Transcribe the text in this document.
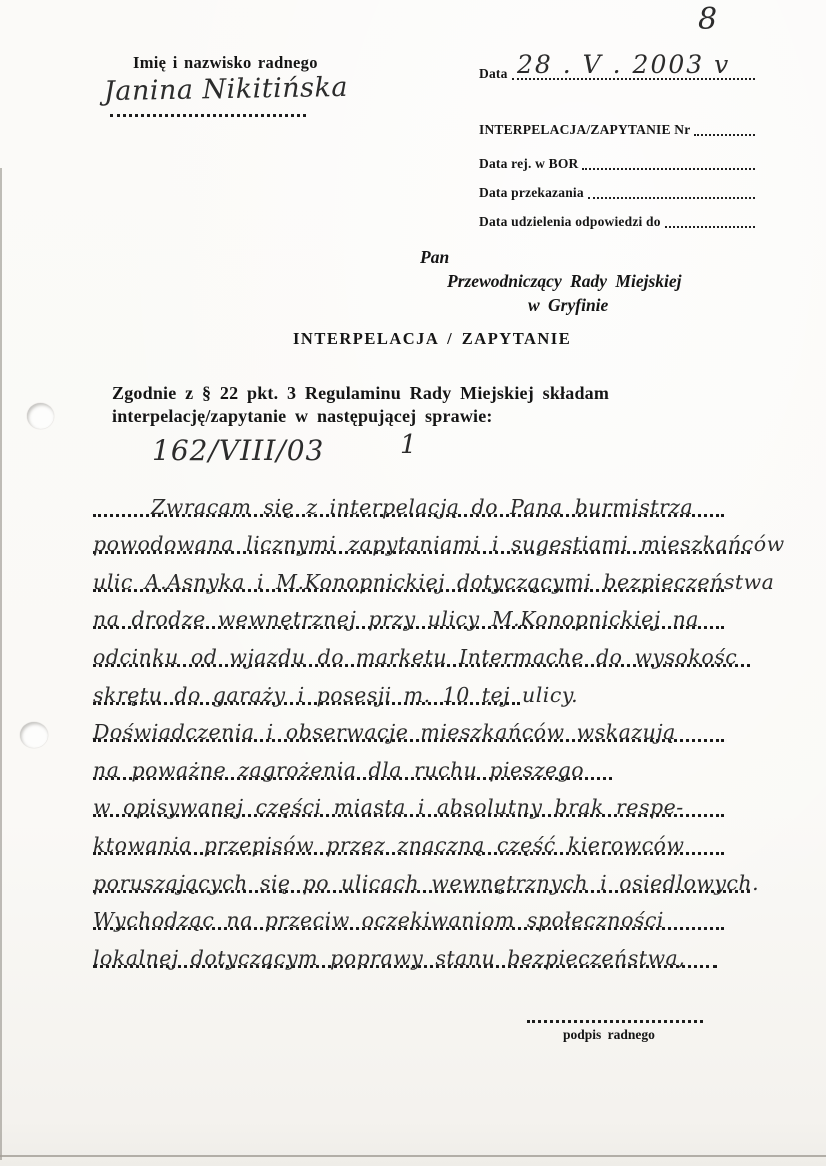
8
Imię i nazwisko radnego
Janina Nikitińska	Data 28 . V . 2003 v
INTERPELACJA/ZAPYTANIE Nr
Data rej. w BOR
Data przekazania
Data udzielenia odpowiedzi do
Pan
Przewodniczący Rady Miejskiej
w Gryfinie
INTERPELACJA / ZAPYTANIE
Zgodnie z § 22 pkt. 3 Regulaminu Rady Miejskiej składam
interpelację/zapytanie w następującej sprawie:
162/VIII/03	1
Zwracam się z interpelacją do Pana burmistrza
powodowana licznymi zapytaniami i sugestiami mieszkańców
ulic A.Asnyka i M.Konopnickiej dotyczącymi bezpieczeństwa
na drodze wewnętrznej przy ulicy M.Konopnickiej na
odcinku od wjazdu do marketu Intermache do wysokośc
skrętu do garaży i posesji m. 10 tej ulicy.
Doświadczenia i obserwacje mieszkańców wskazują
na poważne zagrożenia dla ruchu pieszego
w opisywanej części miasta i absolutny brak respe-
ktowania przepisów przez znaczną część kierowców
poruszających się po ulicach wewnętrznych i osiedlowych.
Wychodząc na przeciw oczekiwaniom społeczności
lokalnej dotyczącym poprawy stanu bezpieczeństwa,
podpis radnego
